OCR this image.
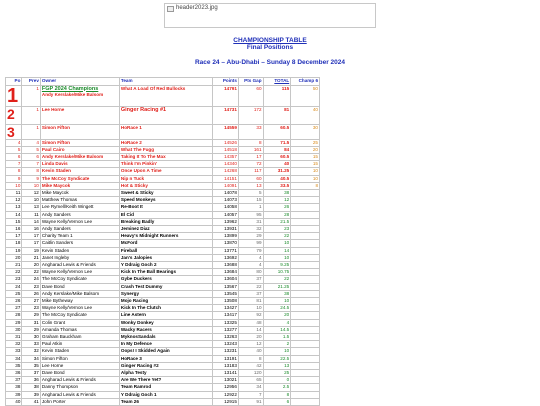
header2023.jpg
CHAMPIONSHIP TABLE
Final Positions
Race 24 – Abu-Dhabi – Sunday 8 December 2024
Po	Prev	Owner	Team	Points	Pts Gap	TOTAL	Champ 6
1	1	FGP 2024 Champions
Andy Kerslake/Mike Balsom	What A Load Of Red Bullocks	14791	60	115	50
2	1	Lee Horne	Ginger Racing #1	14731	172	81	40
3	1	Simon Fifton	HoRace 1	14559	33	60.5	30
4	4	Simon Fifton	HoRace 2	14526	8	71.5	25
5	5	Paul Cairo	What The Fugg	14518	161	84	20
6	6	Andy Kerslake/Mike Balsom	Taking It To The Max	14357	17	60.5	15
7	7	Linda Davis	Think I'm Pinkin'	14340	72	40	15
8	8	Kevin Staden	Once Upon A Time	14268	117	31.25	10
9	9	The McCoy Syndicate	Nip n Tuck	14151	60	40.5	10
10	10	Mike Maycok	Hot & Sticky	14091	13	33.5	8
11	12	Mike Maycok	Sweet & Sticky	14078	5	38	
12	10	Matthew Thomas	Speed Monkeys	14073	15	12	
13	13	Lee Rymell/Keith Wingett	Re-Boot It	14058	1	26	
14	11	Andy Sanders	El Cid	14057	95	28	
15	14	Wayne Kelly/Vernon Lee	Breaking Badly	13962	31	21.5	
16	16	Andy Sanders	Jeminez Diaz	13931	32	23	
17	17	Charity Team 1	Heavy's Midnight Runners	13899	29	22	
18	17	Caitlin Sanders	McFord	13870	99	10	
19	19	Kevin Staden	Fireball	13771	79	14	
20	21	Janet Ingleby	Jan's Jalopies	13692	4	10	
21	20	Angharad Lewis & Friends	Y Ddraig Goch 2	13688	4	9.25	
22	22	Wayne Kelly/Vernon Lee	Kick In The Ball Bearings	13684	80	10.75	
23	24	The McCoy Syndicate	Gybe Duckers	13604	37	22	
24	23	Dave Bond	Crash Test Dummy	13567	22	21.25	
25	26	Andy Kerslake/Mike Balsom	Synergy	13545	37	38	
26	27	Mike Bytheway	Mojo Racing	13508	81	10	
27	23	Wayne Kelly/Vernon Lee	Kick In The Clutch	13427	10	24.5	
28	29	The McCoy Syndicate	Line Astern	13417	92	20	
29	31	Colin Grant	Wonky Donkey	13325	48	4	
30	29	Amanda Thomas	Wacky Racers	13277	14	14.5	
31	30	Graham Bauckham	MyknosSandals	13263	20	1.5	
32	33	Paul Atkin	In My Defence	13243	12	2	
33	32	Kevin Staden	Oops! I Skidded Again	13231	40	10	
34	34	Simon Fifton	HoRace 3	13191	8	22.5	
35	35	Lee Horne	Ginger Racing #2	13183	42	13	
36	37	Dave Bond	Alpha Testy	13141	120	25	
37	36	Angharad Lewis & Friends	Are We There Yet?	13021	65	0	
38	38	Danny Thompson	Team Ramrod	12956	34	2.5	
39	39	Angharad Lewis & Friends	Y Ddraig Goch 1	12922	7	8	
40	41	John Porter	Team 26	12915	91	6	
